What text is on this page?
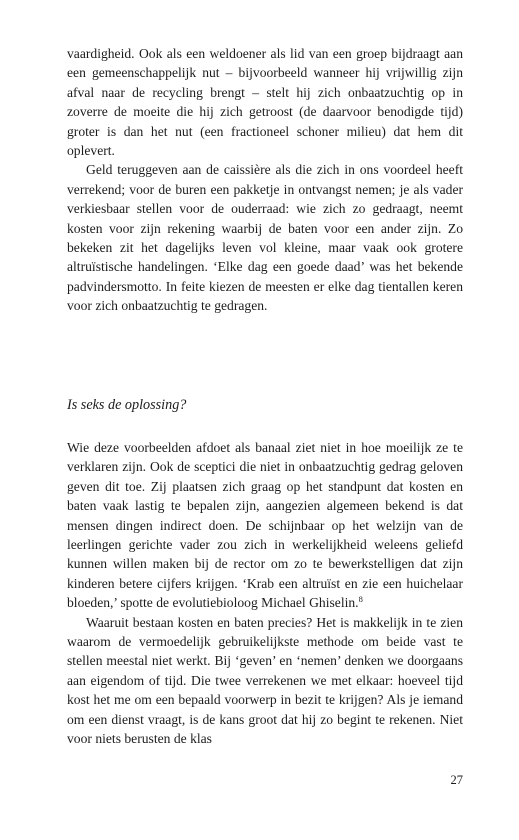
vaardigheid. Ook als een weldoener als lid van een groep bijdraagt aan een gemeenschappelijk nut – bijvoorbeeld wanneer hij vrijwillig zijn afval naar de recycling brengt – stelt hij zich onbaatzuchtig op in zoverre de moeite die hij zich getroost (de daarvoor benodigde tijd) groter is dan het nut (een fractioneel schoner milieu) dat hem dit oplevert.

Geld teruggeven aan de caissière als die zich in ons voordeel heeft verrekend; voor de buren een pakketje in ontvangst nemen; je als vader verkiesbaar stellen voor de ouderraad: wie zich zo gedraagt, neemt kosten voor zijn rekening waarbij de baten voor een ander zijn. Zo bekeken zit het dagelijks leven vol kleine, maar vaak ook grotere altruïstische handelingen. ‘Elke dag een goede daad’ was het bekende padvindersmotto. In feite kiezen de meesten er elke dag tientallen keren voor zich onbaatzuchtig te gedragen.

Is seks de oplossing?

Wie deze voorbeelden afdoet als banaal ziet niet in hoe moeilijk ze te verklaren zijn. Ook de sceptici die niet in onbaatzuchtig gedrag geloven geven dit toe. Zij plaatsen zich graag op het standpunt dat kosten en baten vaak lastig te bepalen zijn, aangezien algemeen bekend is dat mensen dingen indirect doen. De schijnbaar op het welzijn van de leerlingen gerichte vader zou zich in werkelijkheid weleens geliefd kunnen willen maken bij de rector om zo te bewerkstelligen dat zijn kinderen betere cijfers krijgen. ‘Krab een altruïst en zie een huichelaar bloeden,’ spotte de evolutiebioloog Michael Ghiselin.$^8$

Waaruit bestaan kosten en baten precies? Het is makkelijk in te zien waarom de vermoedelijk gebruikelijkste methode om beide vast te stellen meestal niet werkt. Bij ‘geven’ en ‘nemen’ denken we doorgaans aan eigendom of tijd. Die twee verrekenen we met elkaar: hoeveel tijd kost het me om een bepaald voorwerp in bezit te krijgen? Als je iemand om een dienst vraagt, is de kans groot dat hij zo begint te rekenen. Niet voor niets berusten de klas

27
